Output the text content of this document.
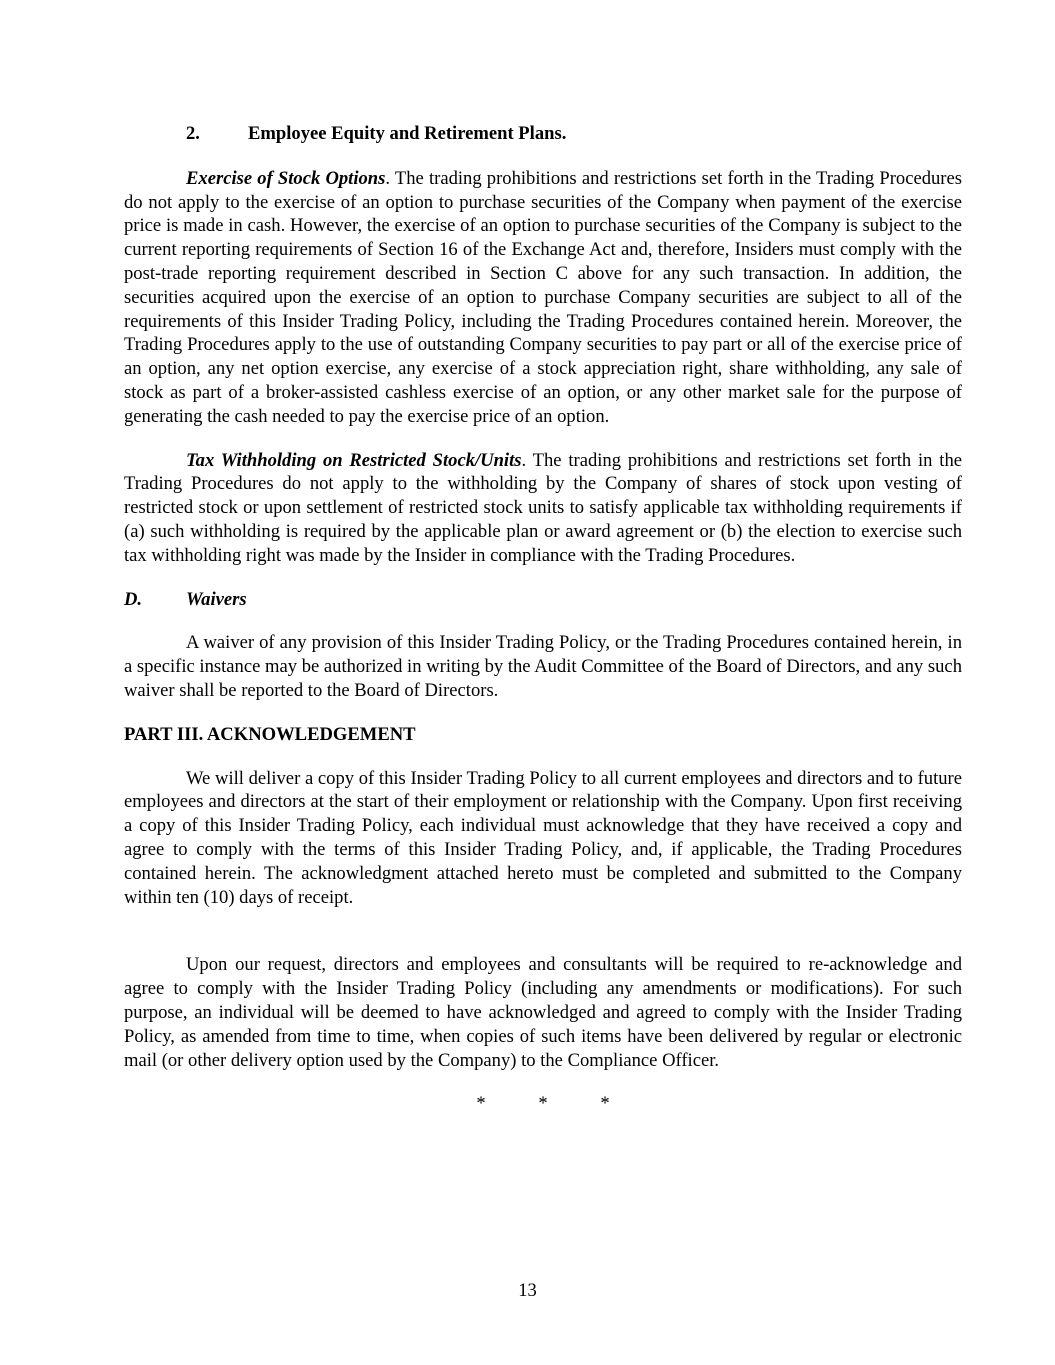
2.	Employee Equity and Retirement Plans.

Exercise of Stock Options. The trading prohibitions and restrictions set forth in the Trading Procedures do not apply to the exercise of an option to purchase securities of the Company when payment of the exercise price is made in cash. However, the exercise of an option to purchase securities of the Company is subject to the current reporting requirements of Section 16 of the Exchange Act and, therefore, Insiders must comply with the post-trade reporting requirement described in Section C above for any such transaction. In addition, the securities acquired upon the exercise of an option to purchase Company securities are subject to all of the requirements of this Insider Trading Policy, including the Trading Procedures contained herein. Moreover, the Trading Procedures apply to the use of outstanding Company securities to pay part or all of the exercise price of an option, any net option exercise, any exercise of a stock appreciation right, share withholding, any sale of stock as part of a broker-assisted cashless exercise of an option, or any other market sale for the purpose of generating the cash needed to pay the exercise price of an option.

Tax Withholding on Restricted Stock/Units. The trading prohibitions and restrictions set forth in the Trading Procedures do not apply to the withholding by the Company of shares of stock upon vesting of restricted stock or upon settlement of restricted stock units to satisfy applicable tax withholding requirements if (a) such withholding is required by the applicable plan or award agreement or (b) the election to exercise such tax withholding right was made by the Insider in compliance with the Trading Procedures.

D. Waivers

A waiver of any provision of this Insider Trading Policy, or the Trading Procedures contained herein, in a specific instance may be authorized in writing by the Audit Committee of the Board of Directors, and any such waiver shall be reported to the Board of Directors.

PART III. ACKNOWLEDGEMENT

We will deliver a copy of this Insider Trading Policy to all current employees and directors and to future employees and directors at the start of their employment or relationship with the Company. Upon first receiving a copy of this Insider Trading Policy, each individual must acknowledge that they have received a copy and agree to comply with the terms of this Insider Trading Policy, and, if applicable, the Trading Procedures contained herein. The acknowledgment attached hereto must be completed and submitted to the Company within ten (10) days of receipt.

Upon our request, directors and employees and consultants will be required to re-acknowledge and agree to comply with the Insider Trading Policy (including any amendments or modifications). For such purpose, an individual will be deemed to have acknowledged and agreed to comply with the Insider Trading Policy, as amended from time to time, when copies of such items have been delivered by regular or electronic mail (or other delivery option used by the Company) to the Compliance Officer.

*	*	*

13
